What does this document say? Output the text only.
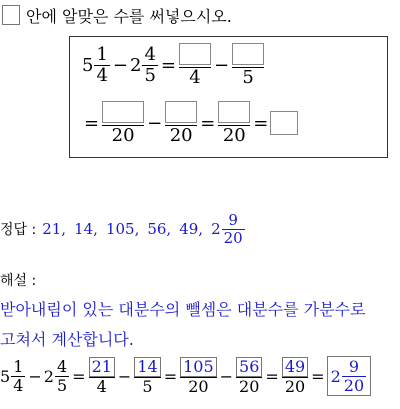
안에 알맞은 수를 써넣으시오.
$5 \frac{1}{4} - 2 \frac{4}{5}$ =
4
−
5
=
20
−
20
=
20
=
정답 : 21, 14, 105, 56, 49, $2 \frac{9}{20}$
해설 :
받아내림이 있는 대분수의 뺄셈은 대분수를 가분수로
고쳐서 계산합니다.
$5 \frac{1}{4} - 2 \frac{4}{5} = \frac{21}{4} - \frac{14}{5} = \frac{105}{20} - \frac{56}{20} = \frac{49}{20} = 2 \frac{9}{20}$
